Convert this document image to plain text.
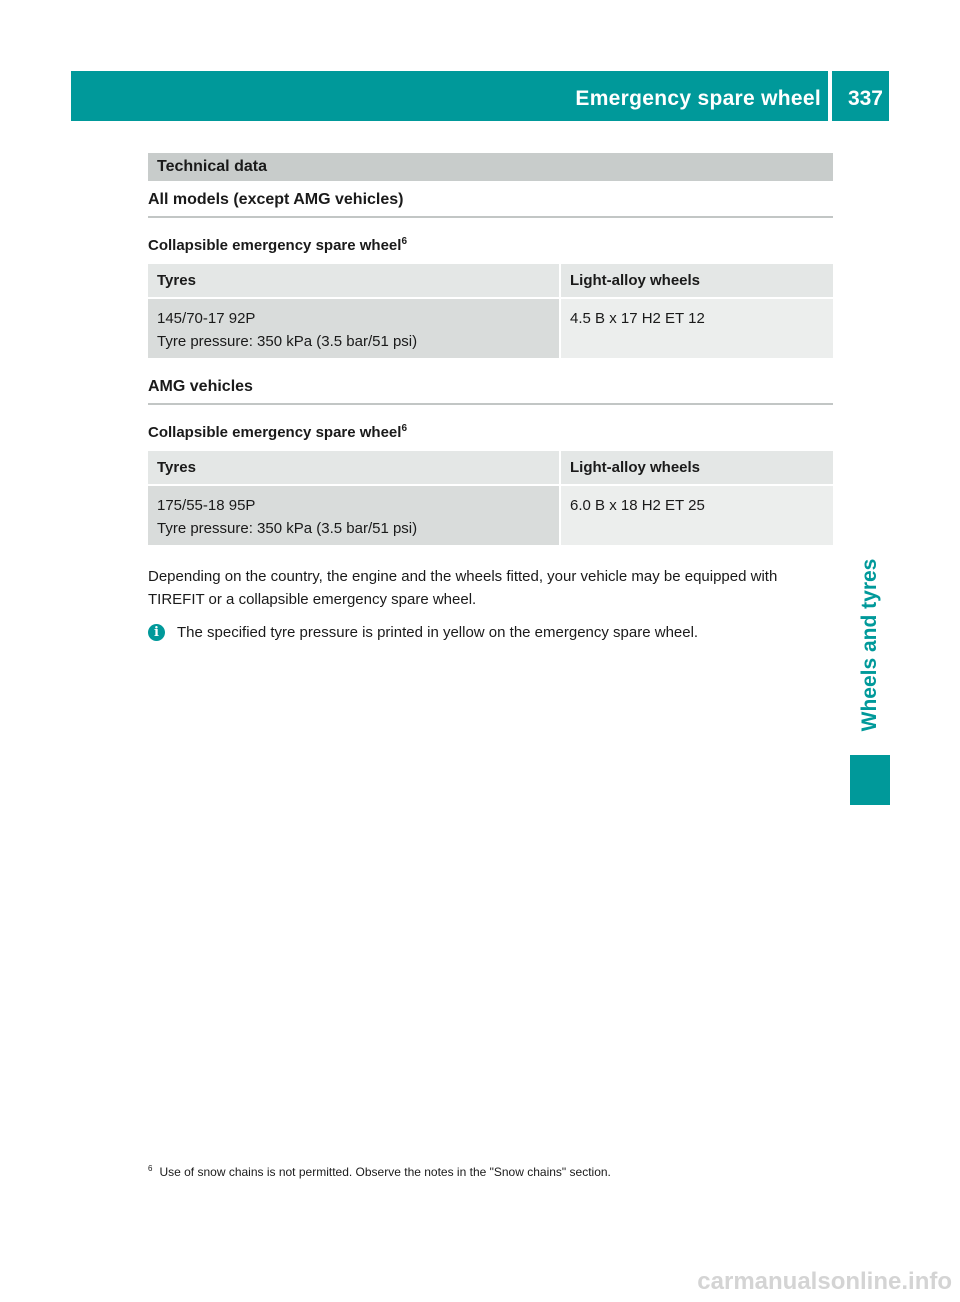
Emergency spare wheel 337
Wheels and tyres
Technical data
All models (except AMG vehicles)
Collapsible emergency spare wheel$^6$
Tyres	Light-alloy wheels

145/70-17 92P
Tyre pressure: 350 kPa (3.5 bar/51 psi)	4.5 B x 17 H2 ET 12
AMG vehicles
Collapsible emergency spare wheel$^6$
Tyres	Light-alloy wheels

175/55-18 95P
Tyre pressure: 350 kPa (3.5 bar/51 psi)	6.0 B x 18 H2 ET 25
Depending on the country, the engine and the wheels fitted, your vehicle may be equipped with TIREFIT or a collapsible emergency spare wheel.
i	The specified tyre pressure is printed in yellow on the emergency spare wheel.
$^6$ Use of snow chains is not permitted. Observe the notes in the "Snow chains" section.
carmanualsonline.info
